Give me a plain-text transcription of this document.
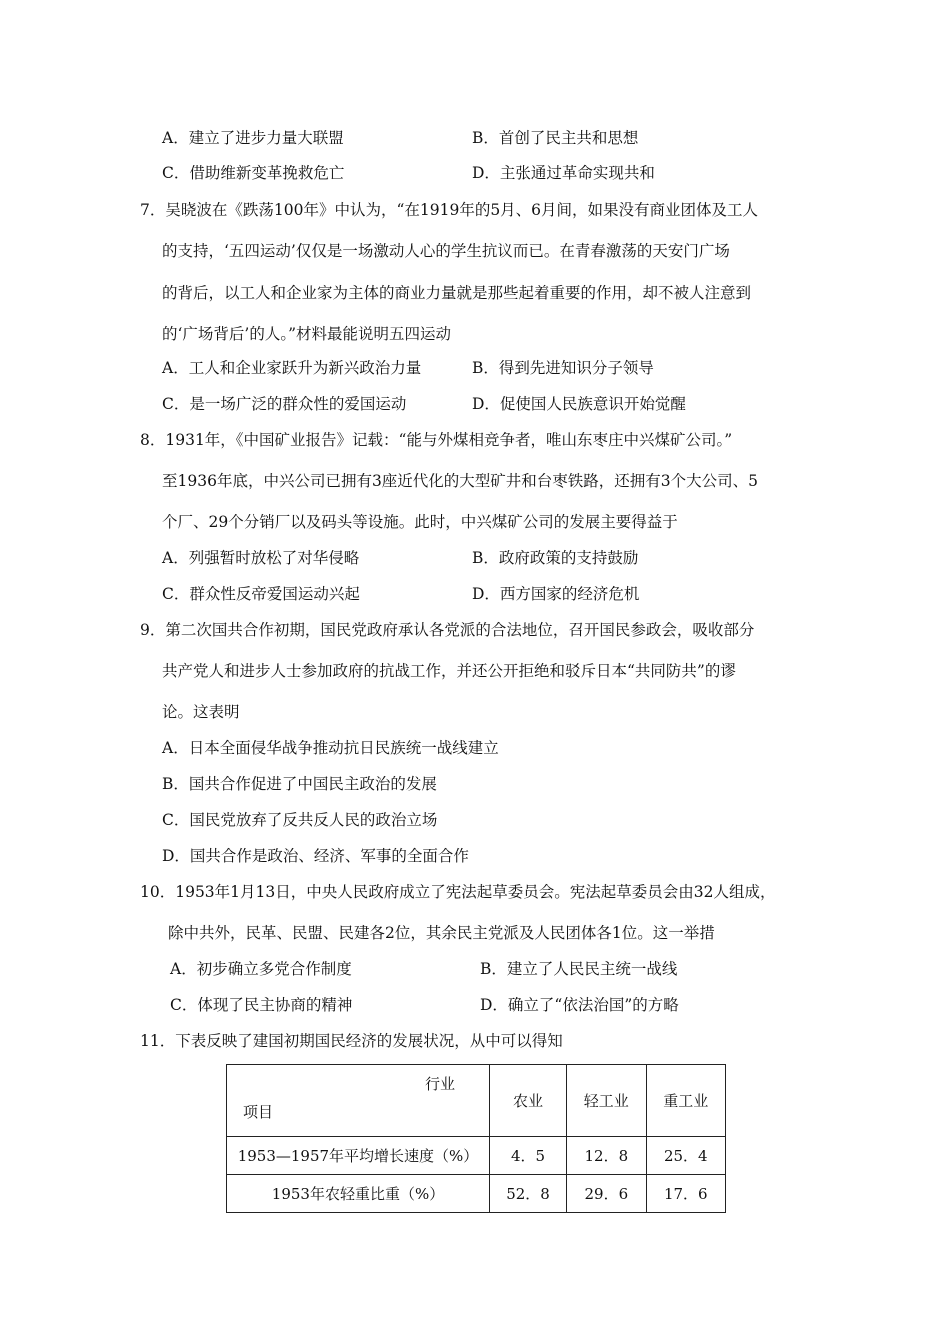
A．建立了进步力量大联盟	B．首创了民主共和思想
C．借助维新变革挽救危亡	D．主张通过革命实现共和
7．吴晓波在《跌荡100年》中认为，“在1919年的5月、6月间，如果没有商业团体及工人
的支持，‘五四运动’仅仅是一场激动人心的学生抗议而已。在青春激荡的天安门广场
的背后，以工人和企业家为主体的商业力量就是那些起着重要的作用，却不被人注意到
的‘广场背后’的人。”材料最能说明五四运动
A．工人和企业家跃升为新兴政治力量	B．得到先进知识分子领导
C．是一场广泛的群众性的爱国运动	D．促使国人民族意识开始觉醒
8．1931年，《中国矿业报告》记载：“能与外煤相竞争者，唯山东枣庄中兴煤矿公司。”
至1936年底，中兴公司已拥有3座近代化的大型矿井和台枣铁路，还拥有3个大公司、5
个厂、29个分销厂以及码头等设施。此时，中兴煤矿公司的发展主要得益于
A．列强暂时放松了对华侵略	B．政府政策的支持鼓励
C．群众性反帝爱国运动兴起	D．西方国家的经济危机
9．第二次国共合作初期，国民党政府承认各党派的合法地位，召开国民参政会，吸收部分
共产党人和进步人士参加政府的抗战工作，并还公开拒绝和驳斥日本“共同防共”的谬
论。这表明
A．日本全面侵华战争推动抗日民族统一战线建立
B．国共合作促进了中国民主政治的发展
C．国民党放弃了反共反人民的政治立场
D．国共合作是政治、经济、军事的全面合作
10．1953年1月13日，中央人民政府成立了宪法起草委员会。宪法起草委员会由32人组成，
除中共外，民革、民盟、民建各2位，其余民主党派及人民团体各1位。这一举措
A．初步确立多党合作制度	B．建立了人民民主统一战线
C．体现了民主协商的精神	D．确立了“依法治国”的方略
11．下表反映了建国初期国民经济的发展状况，从中可以得知
行业
项目	农业	轻工业	重工业
1953—1957年平均增长速度（%）	4．5	12．8	25．4
1953年农轻重比重（%）	52．8	29．6	17．6
